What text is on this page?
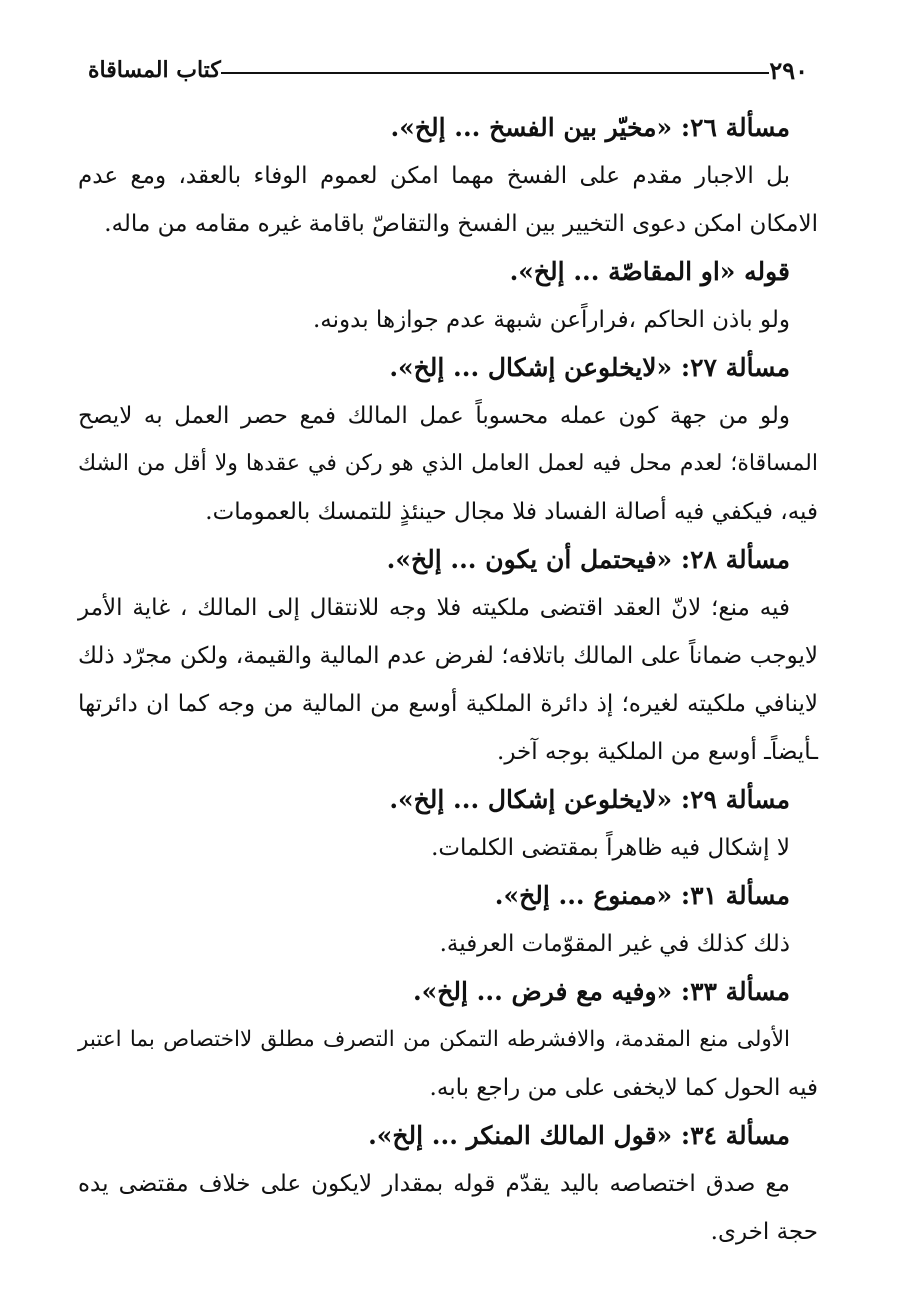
٢٩٠
كتاب المساقاة

مسألة ٢٦: «مخيّر بين الفسخ ... إلخ».

بل الاجبار مقدم على الفسخ مهما امكن لعموم الوفاء بالعقد، ومع عدم

الامكان امكن دعوى التخيير بين الفسخ والتقاصّ باقامة غيره مقامه من ماله.

قوله «او المقاصّة ... إلخ».

ولو باذن الحاكم ،فراراًعن شبهة عدم جوازها بدونه.

مسألة ٢٧: «لايخلوعن إشكال ... إلخ».

ولو من جهة كون عمله محسوباً عمل المالك فمع حصر العمل به لايصح

المساقاة؛ لعدم محل فيه لعمل العامل الذي هو ركن في عقدها ولا أقل من الشك

فيه، فيكفي فيه أصالة الفساد فلا مجال حينئذٍ للتمسك بالعمومات.

مسألة ٢٨: «فيحتمل أن يكون ... إلخ».

فيه منع؛ لانّ العقد اقتضى ملكيته فلا وجه للانتقال إلى المالك ، غاية الأمر

لايوجب ضماناً على المالك باتلافه؛ لفرض عدم المالية والقيمة، ولكن مجرّد ذلك

لاينافي ملكيته لغيره؛ إذ دائرة الملكية أوسع من المالية من وجه كما ان دائرتها

ـأيضاًـ أوسع من الملكية بوجه آخر.

مسألة ٢٩: «لايخلوعن إشكال ... إلخ».

لا إشكال فيه ظاهراً بمقتضى الكلمات.

مسألة ٣١: «ممنوع ... إلخ».

ذلك كذلك في غير المقوّمات العرفية.

مسألة ٣٣: «وفيه مع فرض ... إلخ».

الأولى منع المقدمة، والافشرطه التمكن من التصرف مطلق لااختصاص بما اعتبر

فيه الحول كما لايخفى على من راجع بابه.

مسألة ٣٤: «قول المالك المنكر ... إلخ».

مع صدق اختصاصه باليد يقدّم قوله بمقدار لايكون على خلاف مقتضى يده

حجة اخرى.
